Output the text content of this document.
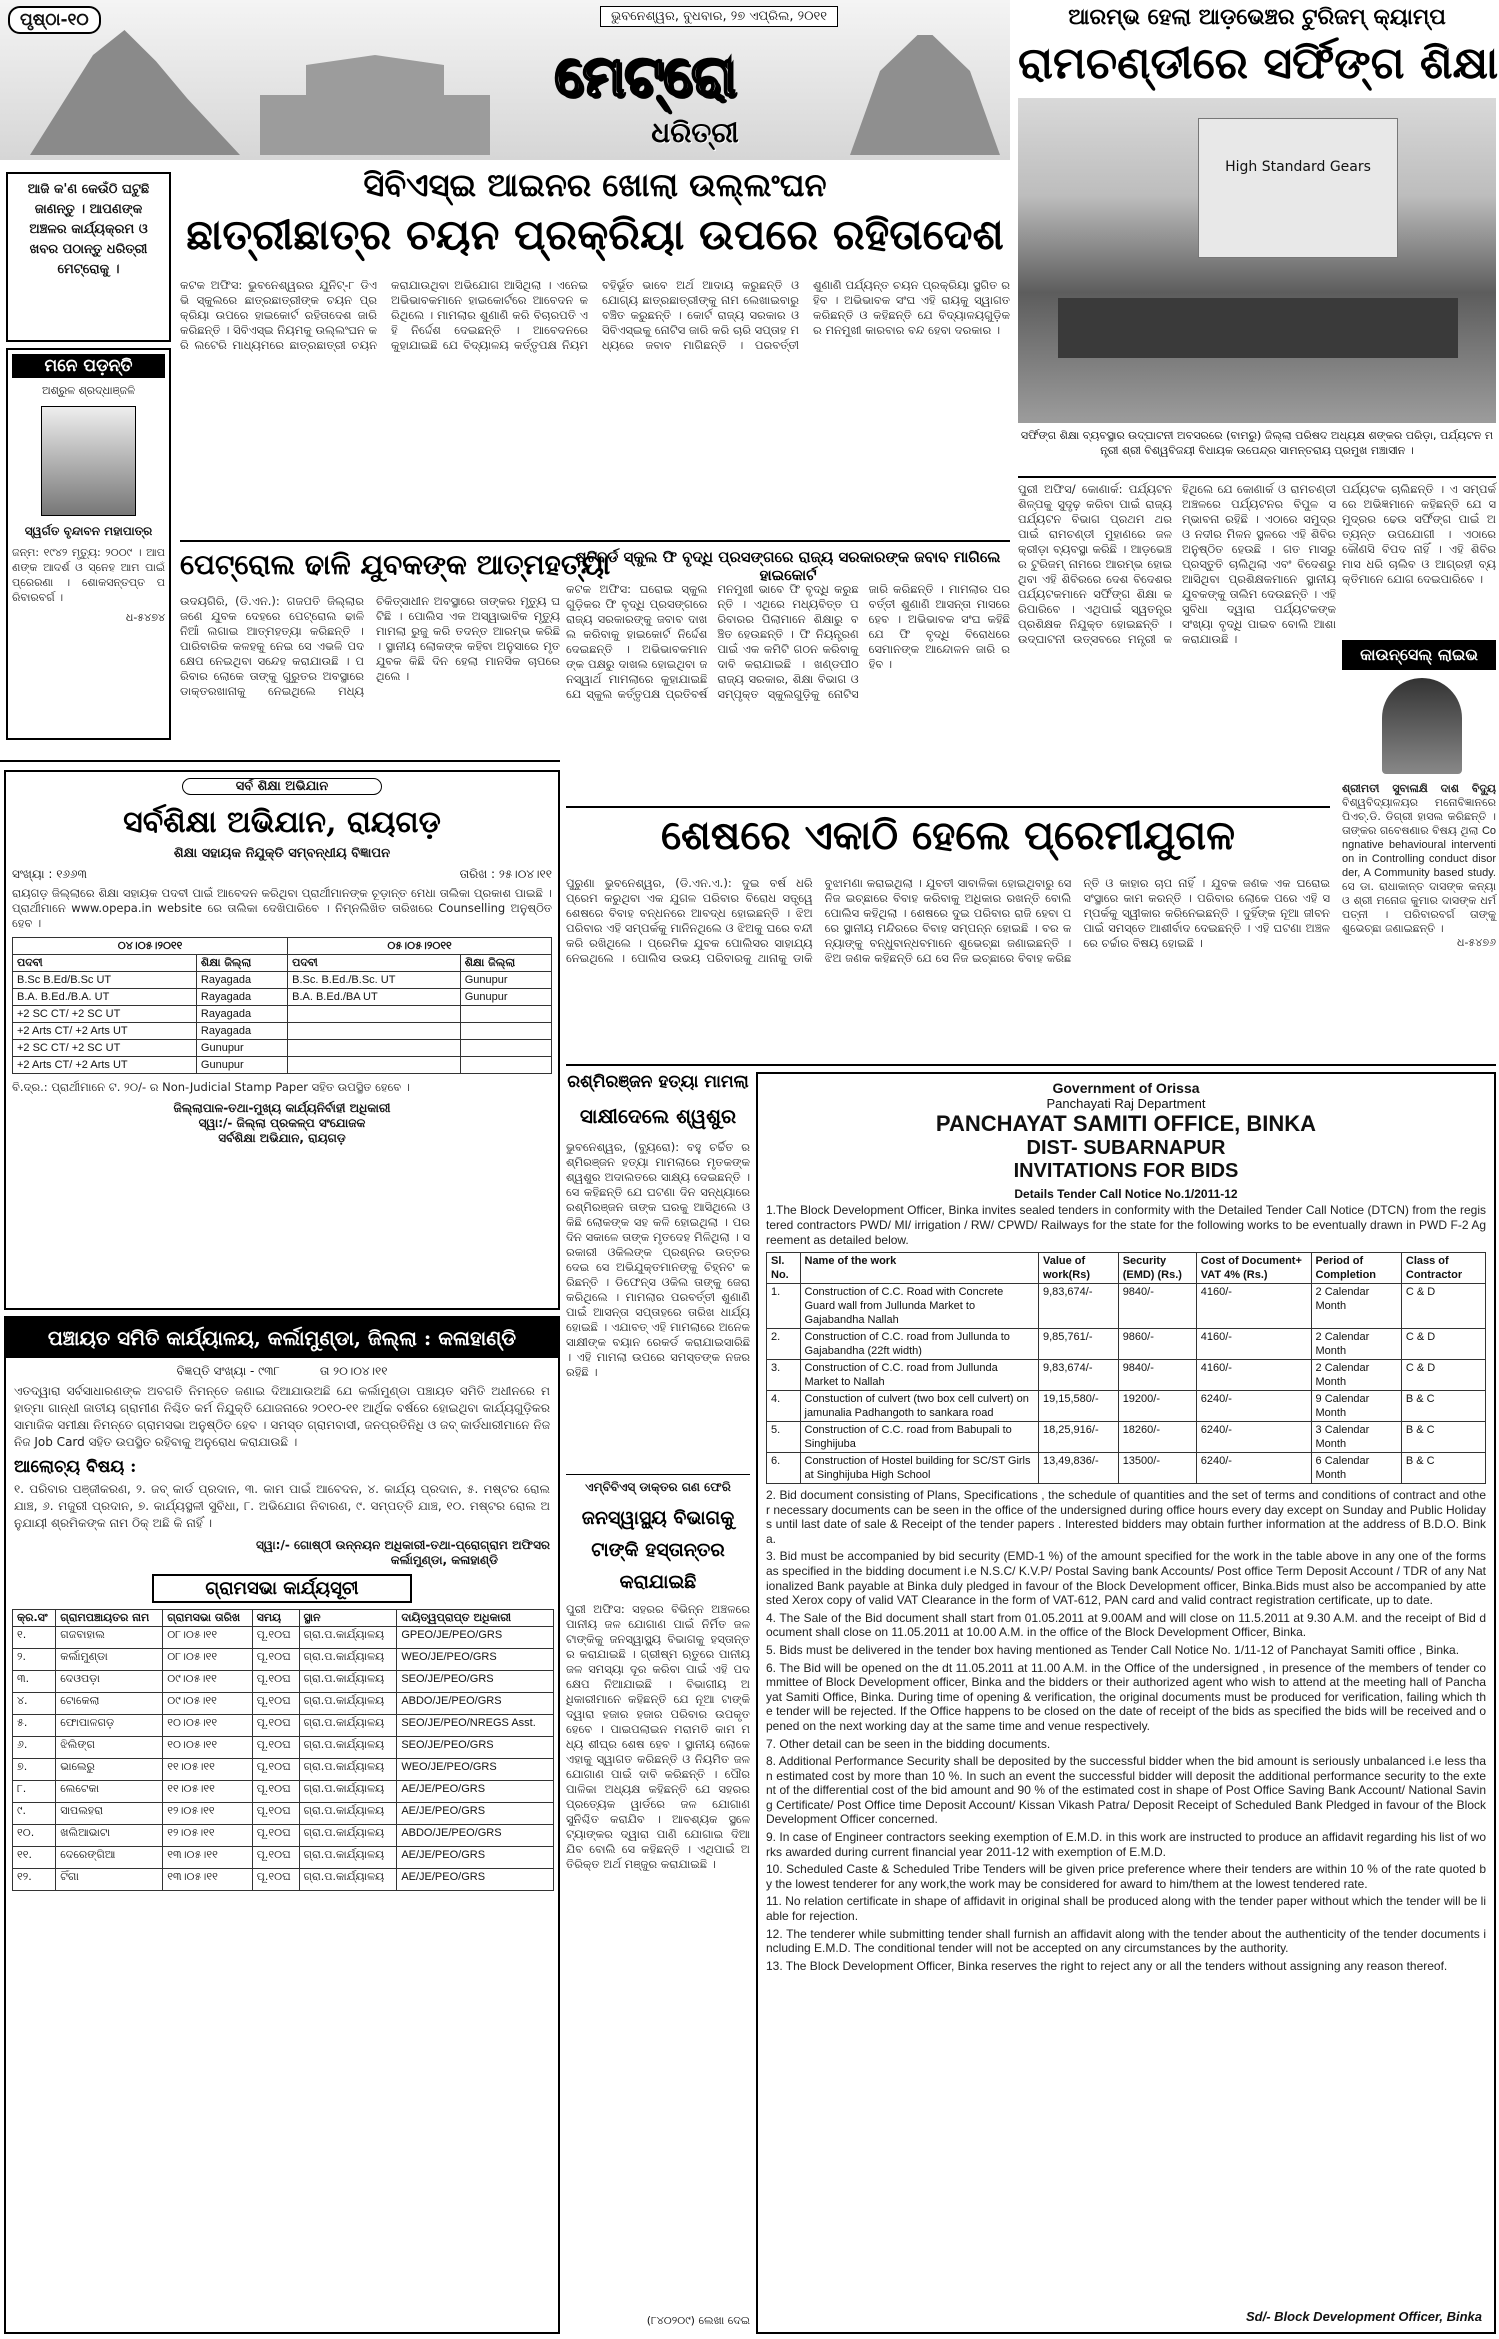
ପୃଷ୍ଠା-୧୦	ଭୁବନେଶ୍ୱର, ବୁଧବାର, ୨୭ ଏପ୍ରିଲ, ୨୦୧୧
ମେଟ୍ରୋ
ଧରିତ୍ରୀ
ଆରମ୍ଭ ହେଲା ଆଡ଼ଭେଞ୍ଚର ଟୁରିଜମ୍ କ୍ୟାମ୍ପ
ରାମଚଣ୍ଡୀରେ ସର୍ଫିଙ୍ଗ ଶିକ୍ଷା
High Standard Gears
ସର୍ଫିଙ୍ଗ ଶିକ୍ଷା ବ୍ୟବସ୍ଥାର ଉଦ୍‌ଘାଟନୀ ଅବସରରେ (ବାମରୁ) ଜିଲ୍ଲା ପରିଷଦ ଅଧ୍ୟକ୍ଷ ଶଙ୍କର ପରିଡ଼ା, ପର୍ଯ୍ୟଟନ ମନ୍ତ୍ରୀ ଶ୍ରୀ ବିଶ୍ୱବିଜୟୀ ବିଧାୟକ ଉପେନ୍ଦ୍ର ସାମନ୍ତରାୟ ପ୍ରମୁଖ ମଞ୍ଚାସୀନ ।
ପୁରୀ ଅଫିସ/ କୋଣାର୍କ: ପର୍ଯ୍ୟଟନ ଶିଳ୍ପକୁ ସୁଦୃଢ଼ କରିବା ପାଇଁ ରାଜ୍ୟ ପର୍ଯ୍ୟଟନ ବିଭାଗ ପ୍ରଥମ ଥର ପାଇଁ ରାମଚଣ୍ଡୀ ମୁହାଣରେ ଜଳକ୍ରୀଡ଼ା ବ୍ୟବସ୍ଥା କରିଛି । ଆଡ଼ଭେଞ୍ଚର ଟୁରିଜମ୍ ନାମରେ ଆରମ୍ଭ ହୋଇଥିବା ଏହି ଶିବିରରେ ଦେଶ ବିଦେଶର ପର୍ଯ୍ୟଟକମାନେ ସର୍ଫିଙ୍ଗ ଶିକ୍ଷା କରିପାରିବେ । ଏଥିପାଇଁ ସ୍ୱତନ୍ତ୍ର ପ୍ରଶିକ୍ଷକ ନିଯୁକ୍ତ ହୋଇଛନ୍ତି । ଉଦ୍‌ଘାଟନୀ ଉତ୍ସବରେ ମନ୍ତ୍ରୀ କହିଥିଲେ ଯେ କୋଣାର୍କ ଓ ରାମଚଣ୍ଡୀ ଅଞ୍ଚଳରେ ପର୍ଯ୍ୟଟନର ବିପୁଳ ସମ୍ଭାବନା ରହିଛି । ଏଠାରେ ସମୁଦ୍ର ଓ ନଦୀର ମିଳନ ସ୍ଥଳରେ ଏହି ଶିବିର ଅନୁଷ୍ଠିତ ହେଉଛି । ଗତ ମାସରୁ ପ୍ରସ୍ତୁତି ଚାଲିଥିଲା ଏବଂ ବିଦେଶରୁ ଆସିଥିବା ପ୍ରଶିକ୍ଷକମାନେ ସ୍ଥାନୀୟ ଯୁବକଙ୍କୁ ତାଲିମ ଦେଉଛନ୍ତି । ଏହି ସୁବିଧା ଦ୍ୱାରା ପର୍ଯ୍ୟଟକଙ୍କ ସଂଖ୍ୟା ବୃଦ୍ଧି ପାଇବ ବୋଲି ଆଶା କରାଯାଉଛି ।
ପର୍ଯ୍ୟଟକ ଚାଲିଛନ୍ତି । ଏ ସମ୍ପର୍କରେ ଅଭିଜ୍ଞମାନେ କହିଛନ୍ତି ଯେ ସମୁଦ୍ରର ଢେଉ ସର୍ଫିଙ୍ଗ ପାଇଁ ଅତ୍ୟନ୍ତ ଉପଯୋଗୀ । ଏଠାରେ କୌଣସି ବିପଦ ନାହିଁ । ଏହି ଶିବିର ମାସ ଧରି ଚାଲିବ ଓ ଆଗ୍ରହୀ ବ୍ୟକ୍ତିମାନେ ଯୋଗ ଦେଇପାରିବେ ।
କାଉନ୍ସେଲ୍ ଲାଇଭ
ଶ୍ରୀମତୀ ସୁବାଳାକ୍ଷି ଦାଶ ବିଦ୍ୟୁ ବିଶ୍ୱବିଦ୍ୟାଳୟର ମନୋବିଜ୍ଞାନରେ ପିଏଚ୍.ଡି. ଡିଗ୍ରୀ ହାସଲ କରିଛନ୍ତି । ତାଙ୍କର ଗବେଷଣାର ବିଷୟ ଥିଲା Congnative behavioural intervention in Controlling conduct disorder, A Community based study. ସେ ଡା. ରାଧାକାନ୍ତ ଦାସଙ୍କ କନ୍ୟା ଓ ଶ୍ରୀ ମନୋଜ କୁମାର ଦାସଙ୍କ ଧର୍ମପତ୍ନୀ । ପରିବାରବର୍ଗ ତାଙ୍କୁ ଶୁଭେଚ୍ଛା ଜଣାଇଛନ୍ତି ।
ଧ-୫୪୭୬
ଆଜି କ'ଣ କେଉଁଠି ଘଟୁଛି ଜାଣନ୍ତୁ । ଆପଣଙ୍କ ଅଞ୍ଚଳର କାର୍ଯ୍ୟକ୍ରମ ଓ ଖବର ପଠାନ୍ତୁ ଧରିତ୍ରୀ ମେଟ୍ରୋକୁ ।
ମନେ ପଡ଼ନ୍ତି
ଅଶ୍ରୁଳ ଶ୍ରଦ୍ଧାଞ୍ଜଳି
ସ୍ୱର୍ଗତ ବୃନ୍ଦାବନ ମହାପାତ୍ର
ଜନ୍ମ: ୧୯୪୨ ମୃତ୍ୟୁ: ୨୦୦୯ । ଆପଣଙ୍କ ଆଦର୍ଶ ଓ ସ୍ନେହ ଆମ ପାଇଁ ପ୍ରେରଣା । ଶୋକସନ୍ତପ୍ତ ପରିବାରବର୍ଗ ।
ଧ-୫୪୭୪
ସିବିଏସ୍‌ଇ ଆଇନର ଖୋଲା ଉଲ୍ଲଂଘନ
ଛାତ୍ରୀଛାତ୍ର ଚୟନ ପ୍ରକ୍ରିୟା ଉପରେ ରହିତାଦେଶ
କଟକ ଅଫିସ: ଭୁବନେଶ୍ୱରର ଯୁନିଟ୍-୮ ଡିଏଭି ସ୍କୁଲରେ ଛାତ୍ରଛାତ୍ରୀଙ୍କ ଚୟନ ପ୍ରକ୍ରିୟା ଉପରେ ହାଇକୋର୍ଟ ରହିତାଦେଶ ଜାରି କରିଛନ୍ତି । ସିବିଏସ୍‌ଇ ନିୟମକୁ ଉଲ୍ଲଂଘନ କରି ଲଟେରି ମାଧ୍ୟମରେ ଛାତ୍ରଛାତ୍ରୀ ଚୟନ କରାଯାଉଥିବା ଅଭିଯୋଗ ଆସିଥିଲା । ଏନେଇ ଅଭିଭାବକମାନେ ହାଇକୋର୍ଟରେ ଆବେଦନ କରିଥିଲେ । ମାମଲାର ଶୁଣାଣି କରି ବିଚାରପତି ଏହି ନିର୍ଦ୍ଦେଶ ଦେଇଛନ୍ତି । ଆବେଦନରେ କୁହାଯାଇଛି ଯେ ବିଦ୍ୟାଳୟ କର୍ତ୍ତୃପକ୍ଷ ନିୟମ ବହିର୍ଭୂତ ଭାବେ ଅର୍ଥ ଆଦାୟ କରୁଛନ୍ତି ଓ ଯୋଗ୍ୟ ଛାତ୍ରଛାତ୍ରୀଙ୍କୁ ନାମ ଲେଖାଇବାରୁ ବଞ୍ଚିତ କରୁଛନ୍ତି । କୋର୍ଟ ରାଜ୍ୟ ସରକାର ଓ ସିବିଏସ୍‌ଇକୁ ନୋଟିସ ଜାରି କରି ଚାରି ସପ୍ତାହ ମଧ୍ୟରେ ଜବାବ ମାଗିଛନ୍ତି । ପରବର୍ତ୍ତୀ ଶୁଣାଣି ପର୍ଯ୍ୟନ୍ତ ଚୟନ ପ୍ରକ୍ରିୟା ସ୍ଥଗିତ ରହିବ । ଅଭିଭାବକ ସଂଘ ଏହି ରାୟକୁ ସ୍ୱାଗତ କରିଛନ୍ତି ଓ କହିଛନ୍ତି ଯେ ବିଦ୍ୟାଳୟଗୁଡ଼ିକର ମନମୁଖୀ କାରବାର ବନ୍ଦ ହେବା ଦରକାର ।
ପେଟ୍ରୋଲ ଢାଳି ଯୁବକଙ୍କ ଆତ୍ମହତ୍ୟା
ଉଦୟଗିରି, (ଡି.ଏନ.): ଗଜପତି ଜିଲ୍ଲାର ଜଣେ ଯୁବକ ଦେହରେ ପେଟ୍ରୋଲ ଢାଳି ନିଆଁ ଲଗାଇ ଆତ୍ମହତ୍ୟା କରିଛନ୍ତି । ପାରିବାରିକ କଳହକୁ ନେଇ ସେ ଏଭଳି ପଦକ୍ଷେପ ନେଇଥିବା ସନ୍ଦେହ କରାଯାଉଛି । ପରିବାର ଲୋକେ ତାଙ୍କୁ ଗୁରୁତର ଅବସ୍ଥାରେ ଡାକ୍ତରଖାନାକୁ ନେଇଥିଲେ ମଧ୍ୟ ଚିକିତ୍ସାଧୀନ ଅବସ୍ଥାରେ ତାଙ୍କର ମୃତ୍ୟୁ ଘଟିଛି । ପୋଲିସ ଏକ ଅସ୍ୱାଭାବିକ ମୃତ୍ୟୁ ମାମଲା ରୁଜୁ କରି ତଦନ୍ତ ଆରମ୍ଭ କରିଛି । ସ୍ଥାନୀୟ ଲୋକଙ୍କ କହିବା ଅନୁସାରେ ମୃତ ଯୁବକ କିଛି ଦିନ ହେଲା ମାନସିକ ଚାପରେ ଥିଲେ ।
ଷ୍ଟିବର୍ଡ ସ୍କୁଲ ଫି ବୃଦ୍ଧି ପ୍ରସଙ୍ଗରେ ରାଜ୍ୟ ସରକାରଙ୍କ ଜବାବ ମାଗିଲେ ହାଇକୋର୍ଟ
କଟକ ଅଫିସ: ଘରୋଇ ସ୍କୁଲଗୁଡ଼ିକର ଫି ବୃଦ୍ଧି ପ୍ରସଙ୍ଗରେ ରାଜ୍ୟ ସରକାରଙ୍କୁ ଜବାବ ଦାଖଲ କରିବାକୁ ହାଇକୋର୍ଟ ନିର୍ଦ୍ଦେଶ ଦେଇଛନ୍ତି । ଅଭିଭାବକମାନଙ୍କ ପକ୍ଷରୁ ଦାଖଲ ହୋଇଥିବା ଜନସ୍ୱାର୍ଥ ମାମଲାରେ କୁହାଯାଇଛି ଯେ ସ୍କୁଲ କର୍ତ୍ତୃପକ୍ଷ ପ୍ରତିବର୍ଷ ମନମୁଖୀ ଭାବେ ଫି ବୃଦ୍ଧି କରୁଛନ୍ତି । ଏଥିରେ ମଧ୍ୟବିତ୍ତ ପରିବାରର ପିଲାମାନେ ଶିକ୍ଷାରୁ ବଞ୍ଚିତ ହେଉଛନ୍ତି । ଫି ନିୟନ୍ତ୍ରଣ ପାଇଁ ଏକ କମିଟି ଗଠନ କରିବାକୁ ଦାବି କରାଯାଇଛି । ଖଣ୍ଡପୀଠ ରାଜ୍ୟ ସରକାର, ଶିକ୍ଷା ବିଭାଗ ଓ ସମ୍ପୃକ୍ତ ସ୍କୁଲଗୁଡ଼ିକୁ ନୋଟିସ ଜାରି କରିଛନ୍ତି । ମାମଲାର ପରବର୍ତ୍ତୀ ଶୁଣାଣି ଆସନ୍ତା ମାସରେ ହେବ । ଅଭିଭାବକ ସଂଘ କହିଛି ଯେ ଫି ବୃଦ୍ଧି ବିରୋଧରେ ସେମାନଙ୍କ ଆନ୍ଦୋଳନ ଜାରି ରହିବ ।
ସର୍ବ ଶିକ୍ଷା ଅଭିଯାନ
ସର୍ବଶିକ୍ଷା ଅଭିଯାନ, ରାୟଗଡ଼
ଶିକ୍ଷା ସହାୟକ ନିଯୁକ୍ତି ସମ୍ବନ୍ଧୀୟ ବିଜ୍ଞାପନ
ସଂଖ୍ୟା : ୧୬୬୩	ତାରିଖ : ୨୫।୦୪।୧୧
ରାୟଗଡ଼ ଜିଲ୍ଲାରେ ଶିକ୍ଷା ସହାୟକ ପଦବୀ ପାଇଁ ଆବେଦନ କରିଥିବା ପ୍ରାର୍ଥୀମାନଙ୍କ ଚୂଡ଼ାନ୍ତ ମେଧା ତାଲିକା ପ୍ରକାଶ ପାଇଛି । ପ୍ରାର୍ଥୀମାନେ www.opepa.in website ରେ ତାଲିକା ଦେଖିପାରିବେ । ନିମ୍ନଲିଖିତ ତାରିଖରେ Counselling ଅନୁଷ୍ଠିତ ହେବ ।
୦୪।୦୫।୨୦୧୧		୦୫।୦୫।୨୦୧୧	
ପଦବୀ	ଶିକ୍ଷା ଜିଲ୍ଲା	ପଦବୀ	ଶିକ୍ଷା ଜିଲ୍ଲା
B.Sc B.Ed/B.Sc UT	Rayagada	B.Sc. B.Ed./B.Sc. UT	Gunupur
B.A. B.Ed./B.A. UT	Rayagada	B.A. B.Ed./BA UT	Gunupur
+2 SC CT/ +2 SC UT	Rayagada		
+2 Arts CT/ +2 Arts UT	Rayagada		
+2 SC CT/ +2 SC UT	Gunupur		
+2 Arts CT/ +2 Arts UT	Gunupur		
ବି.ଦ୍ର.: ପ୍ରାର୍ଥୀମାନେ ଟ. ୨୦/- ର Non-Judicial Stamp Paper ସହିତ ଉପସ୍ଥିତ ହେବେ ।
ଜିଲ୍ଲାପାଳ-ତଥା-ମୁଖ୍ୟ କାର୍ଯ୍ୟନିର୍ବାହୀ ଅଧିକାରୀ
ସ୍ୱା:/- ଜିଲ୍ଲା ପ୍ରକଳ୍ପ ସଂଯୋଜକ
ସର୍ବଶିକ୍ଷା ଅଭିଯାନ, ରାୟଗଡ଼
ପଞ୍ଚାୟତ ସମିତି କାର୍ଯ୍ୟାଳୟ, କର୍ଲାମୁଣ୍ଡା, ଜିଲ୍ଲା : କଳାହାଣ୍ଡି
ବିଜ୍ଞପ୍ତି ସଂଖ୍ୟା - ୯୩୮	ତା ୨୦।୦୪।୧୧
ଏତଦ୍ୱାରା ସର୍ବସାଧାରଣଙ୍କ ଅବଗତି ନିମନ୍ତେ ଜଣାଇ ଦିଆଯାଉଅଛି ଯେ କର୍ଲାମୁଣ୍ଡା ପଞ୍ଚାୟତ ସମିତି ଅଧୀନରେ ମହାତ୍ମା ଗାନ୍ଧୀ ଜାତୀୟ ଗ୍ରାମୀଣ ନିଶ୍ଚିତ କର୍ମ ନିଯୁକ୍ତି ଯୋଜନାରେ ୨୦୧୦-୧୧ ଆର୍ଥିକ ବର୍ଷରେ ହୋଇଥିବା କାର୍ଯ୍ୟଗୁଡ଼ିକର ସାମାଜିକ ସମୀକ୍ଷା ନିମନ୍ତେ ଗ୍ରାମସଭା ଅନୁଷ୍ଠିତ ହେବ । ସମସ୍ତ ଗ୍ରାମବାସୀ, ଜନପ୍ରତିନିଧି ଓ ଜବ୍ କାର୍ଡଧାରୀମାନେ ନିଜ ନିଜ Job Card ସହିତ ଉପସ୍ଥିତ ରହିବାକୁ ଅନୁରୋଧ କରାଯାଉଛି ।
ଆଲୋଚ୍ୟ ବିଷୟ :
୧. ପରିବାର ପଞ୍ଜୀକରଣ, ୨. ଜବ୍ କାର୍ଡ ପ୍ରଦାନ, ୩. କାମ ପାଇଁ ଆବେଦନ, ୪. କାର୍ଯ୍ୟ ପ୍ରଦାନ, ୫. ମଷ୍ଟର ରୋଲ ଯାଞ୍ଚ, ୬. ମଜୁରୀ ପ୍ରଦାନ, ୭. କାର୍ଯ୍ୟସ୍ଥଳୀ ସୁବିଧା, ୮. ଅଭିଯୋଗ ନିବାରଣ, ୯. ସମ୍ପତ୍ତି ଯାଞ୍ଚ, ୧୦. ମଷ୍ଟର ରୋଲ ଅନୁଯାୟୀ ଶ୍ରମିକଙ୍କ ନାମ ଠିକ୍ ଅଛି କି ନାହିଁ ।
ସ୍ୱା:/- ଗୋଷ୍ଠୀ ଉନ୍ନୟନ ଅଧିକାରୀ-ତଥା-ପ୍ରୋଗ୍ରାମ ଅଫିସର
କର୍ଲାମୁଣ୍ଡା, କଳାହାଣ୍ଡି
ଗ୍ରାମସଭା କାର୍ଯ୍ୟସୂଚୀ
କ୍ର.ସଂ	ଗ୍ରାମପଞ୍ଚାୟତର ନାମ	ଗ୍ରାମସଭା ତାରିଖ	ସମୟ	ସ୍ଥାନ	ଦାୟିତ୍ୱପ୍ରାପ୍ତ ଅଧିକାରୀ
୧.	ଗଜବାହାଲ	୦୮।୦୫।୧୧	ପୂ.୧୦ଘ	ଗ୍ରା.ପ.କାର୍ଯ୍ୟାଳୟ	GPEO/JE/PEO/GRS
୨.	କର୍ଲାମୁଣ୍ଡା	୦୮।୦୫।୧୧	ପୂ.୧୦ଘ	ଗ୍ରା.ପ.କାର୍ଯ୍ୟାଳୟ	WEO/JE/PEO/GRS
୩.	ଦେଓପଡ଼ା	୦୯।୦୫।୧୧	ପୂ.୧୦ଘ	ଗ୍ରା.ପ.କାର୍ଯ୍ୟାଳୟ	SEO/JE/PEO/GRS
୪.	ଟୋକେଲା	୦୯।୦୫।୧୧	ପୂ.୧୦ଘ	ଗ୍ରା.ପ.କାର୍ଯ୍ୟାଳୟ	ABDO/JE/PEO/GRS
୫.	ଫୋପାଳଗଡ଼	୧୦।୦୫।୧୧	ପୂ.୧୦ଘ	ଗ୍ରା.ପ.କାର୍ଯ୍ୟାଳୟ	SEO/JE/PEO/NREGS Asst.
୬.	ଝିଲିଙ୍ଗ	୧୦।୦୫।୧୧	ପୂ.୧୦ଘ	ଗ୍ରା.ପ.କାର୍ଯ୍ୟାଳୟ	SEO/JE/PEO/GRS
୭.	ଭାଲେରୁ	୧୧।୦୫।୧୧	ପୂ.୧୦ଘ	ଗ୍ରା.ପ.କାର୍ଯ୍ୟାଳୟ	WEO/JE/PEO/GRS
୮.	ଲେଟେକା	୧୧।୦୫।୧୧	ପୂ.୧୦ଘ	ଗ୍ରା.ପ.କାର୍ଯ୍ୟାଳୟ	AE/JE/PEO/GRS
୯.	ସାପଲହରା	୧୨।୦୫।୧୧	ପୂ.୧୦ଘ	ଗ୍ରା.ପ.କାର୍ଯ୍ୟାଳୟ	AE/JE/PEO/GRS
୧୦.	ଖଲିଆଭାଟା	୧୨।୦୫।୧୧	ପୂ.୧୦ଘ	ଗ୍ରା.ପ.କାର୍ଯ୍ୟାଳୟ	ABDO/JE/PEO/GRS
୧୧.	ଦେରେଙ୍ଗିଆ	୧୩।୦୫।୧୧	ପୂ.୧୦ଘ	ଗ୍ରା.ପ.କାର୍ଯ୍ୟାଳୟ	AE/JE/PEO/GRS
୧୨.	ଟିଁଗା	୧୩।୦୫।୧୧	ପୂ.୧୦ଘ	ଗ୍ରା.ପ.କାର୍ଯ୍ୟାଳୟ	AE/JE/PEO/GRS
ଶେଷରେ ଏକାଠି ହେଲେ ପ୍ରେମୀଯୁଗଳ
ପୁରୁଣା ଭୁବନେଶ୍ୱର, (ଡି.ଏନ.ଏ.): ଦୁଇ ବର୍ଷ ଧରି ପ୍ରେମ କରୁଥିବା ଏକ ଯୁଗଳ ପରିବାର ବିରୋଧ ସତ୍ତ୍ୱେ ଶେଷରେ ବିବାହ ବନ୍ଧନରେ ଆବଦ୍ଧ ହୋଇଛନ୍ତି । ଝିଅ ପରିବାର ଏହି ସମ୍ପର୍କକୁ ମାନିନଥିଲେ ଓ ଝିଅକୁ ଘରେ ବନ୍ଦୀ କରି ରଖିଥିଲେ । ପ୍ରେମିକ ଯୁବକ ପୋଲିସର ସାହାଯ୍ୟ ନେଇଥିଲେ । ପୋଲିସ ଉଭୟ ପରିବାରକୁ ଥାନାକୁ ଡାକି ବୁଝାମଣା କରାଇଥିଲା । ଯୁବତୀ ସାବାଳିକା ହୋଇଥିବାରୁ ସେ ନିଜ ଇଚ୍ଛାରେ ବିବାହ କରିବାକୁ ଅଧିକାର ରଖନ୍ତି ବୋଲି ପୋଲିସ କହିଥିଲା । ଶେଷରେ ଦୁଇ ପରିବାର ରାଜି ହେବା ପରେ ସ୍ଥାନୀୟ ମନ୍ଦିରରେ ବିବାହ ସମ୍ପନ୍ନ ହୋଇଛି । ବର କନ୍ୟାଙ୍କୁ ବନ୍ଧୁବାନ୍ଧବମାନେ ଶୁଭେଚ୍ଛା ଜଣାଇଛନ୍ତି । ଝିଅ ଜଣକ କହିଛନ୍ତି ଯେ ସେ ନିଜ ଇଚ୍ଛାରେ ବିବାହ କରିଛନ୍ତି ଓ କାହାର ଚାପ ନାହିଁ । ଯୁବକ ଜଣକ ଏକ ଘରୋଇ ସଂସ୍ଥାରେ କାମ କରନ୍ତି । ପରିବାର ଲୋକେ ପରେ ଏହି ସମ୍ପର୍କକୁ ସ୍ୱୀକାର କରିନେଇଛନ୍ତି । ଦୁହିଁଙ୍କ ନୂଆ ଜୀବନ ପାଇଁ ସମସ୍ତେ ଆଶୀର୍ବାଦ ଦେଇଛନ୍ତି । ଏହି ଘଟଣା ଅଞ୍ଚଳରେ ଚର୍ଚ୍ଚାର ବିଷୟ ହୋଇଛି ।
ରଶ୍ମିରଞ୍ଜନ ହତ୍ୟା ମାମଲା
ସାକ୍ଷୀଦେଲେ ଶ୍ୱଶୁର
ଭୁବନେଶ୍ୱର, (ବ୍ୟୁରୋ): ବହୁ ଚର୍ଚ୍ଚିତ ରଶ୍ମିରଞ୍ଜନ ହତ୍ୟା ମାମଲାରେ ମୃତକଙ୍କ ଶ୍ୱଶୁର ଅଦାଲତରେ ସାକ୍ଷ୍ୟ ଦେଇଛନ୍ତି । ସେ କହିଛନ୍ତି ଯେ ଘଟଣା ଦିନ ସନ୍ଧ୍ୟାରେ ରଶ୍ମିରଞ୍ଜନ ତାଙ୍କ ଘରକୁ ଆସିଥିଲେ ଓ କିଛି ଲୋକଙ୍କ ସହ କଳି ହୋଇଥିଲା । ପରଦିନ ସକାଳେ ତାଙ୍କ ମୃତଦେହ ମିଳିଥିଲା । ସରକାରୀ ଓକିଲଙ୍କ ପ୍ରଶ୍ନର ଉତ୍ତର ଦେଇ ସେ ଅଭିଯୁକ୍ତମାନଙ୍କୁ ଚିହ୍ନଟ କରିଛନ୍ତି । ଡିଫେନ୍ସ ଓକିଲ ତାଙ୍କୁ ଜେରା କରିଥିଲେ । ମାମଲାର ପରବର୍ତ୍ତୀ ଶୁଣାଣି ପାଇଁ ଆସନ୍ତା ସପ୍ତାହରେ ତାରିଖ ଧାର୍ଯ୍ୟ ହୋଇଛି । ଏଯାବତ୍ ଏହି ମାମଲାରେ ଅନେକ ସାକ୍ଷୀଙ୍କ ବୟାନ ରେକର୍ଡ କରାଯାଇସାରିଛି । ଏହି ମାମଲା ଉପରେ ସମସ୍ତଙ୍କ ନଜର ରହିଛି ।
ଏମ୍‌ବିବିଏସ୍ ଡାକ୍ତର ଗଣ ଫେରି
ଜନସ୍ୱାସ୍ଥ୍ୟ ବିଭାଗକୁ ଟାଙ୍କି ହସ୍ତାନ୍ତର କରାଯାଇଛି
ପୁରୀ ଅଫିସ: ସହରର ବିଭିନ୍ନ ଅଞ୍ଚଳରେ ପାନୀୟ ଜଳ ଯୋଗାଣ ପାଇଁ ନିର୍ମିତ ଜଳ ଟାଙ୍କିକୁ ଜନସ୍ୱାସ୍ଥ୍ୟ ବିଭାଗକୁ ହସ୍ତାନ୍ତର କରାଯାଇଛି । ଗ୍ରୀଷ୍ମ ଋତୁରେ ପାନୀୟ ଜଳ ସମସ୍ୟା ଦୂର କରିବା ପାଇଁ ଏହି ପଦକ୍ଷେପ ନିଆଯାଇଛି । ବିଭାଗୀୟ ଅଧିକାରୀମାନେ କହିଛନ୍ତି ଯେ ନୂଆ ଟାଙ୍କି ଦ୍ୱାରା ହଜାର ହଜାର ପରିବାର ଉପକୃତ ହେବେ । ପାଇପଲାଇନ ମରାମତି କାମ ମଧ୍ୟ ଶୀଘ୍ର ଶେଷ ହେବ । ସ୍ଥାନୀୟ ଲୋକେ ଏହାକୁ ସ୍ୱାଗତ କରିଛନ୍ତି ଓ ନିୟମିତ ଜଳ ଯୋଗାଣ ପାଇଁ ଦାବି କରିଛନ୍ତି । ପୌରପାଳିକା ଅଧ୍ୟକ୍ଷ କହିଛନ୍ତି ଯେ ସହରର ପ୍ରତ୍ୟେକ ୱାର୍ଡରେ ଜଳ ଯୋଗାଣ ସୁନିଶ୍ଚିତ କରାଯିବ । ଆବଶ୍ୟକ ସ୍ଥଳେ ଟ୍ୟାଙ୍କର ଦ୍ୱାରା ପାଣି ଯୋଗାଇ ଦିଆଯିବ ବୋଲି ସେ କହିଛନ୍ତି । ଏଥିପାଇଁ ଅତିରିକ୍ତ ଅର୍ଥ ମଞ୍ଜୁର କରାଯାଇଛି ।
(୮୪୦୨୦୯) ଲେଖା ଦେଇ
Government of Orissa
Panchayati Raj Department
PANCHAYAT SAMITI OFFICE, BINKA
DIST- SUBARNAPUR
INVITATIONS FOR BIDS
Details Tender Call Notice No.1/2011-12
1.The Block Development Officer, Binka invites sealed tenders in conformity with the Detailed Tender Call Notice (DTCN) from the registered contractors PWD/ MI/ irrigation / RW/ CPWD/ Railways for the state for the following works to be eventually drawn in PWD F-2 Agreement as detailed below.
Sl. No.	Name of the work	Value of work(Rs)	Security (EMD) (Rs.)	Cost of Document+ VAT 4% (Rs.)	Period of Completion	Class of Contractor
1.	Construction of C.C. Road with Concrete Guard wall from Jullunda Market to Gajabandha Nallah	9,83,674/-	9840/-	4160/-	2 Calendar Month	C & D
2.	Construction of C.C. road from Jullunda to Gajabandha (22ft width)	9,85,761/-	9860/-	4160/-	2 Calendar Month	C & D
3.	Construction of C.C. road from Jullunda Market to Nallah	9,83,674/-	9840/-	4160/-	2 Calendar Month	C & D
4.	Constuction of culvert (two box cell culvert) on jamunalia Padhangoth to sankara road	19,15,580/-	19200/-	6240/-	9 Calendar Month	B & C
5.	Construction of C.C. road from Babupali to Singhijuba	18,25,916/-	18260/-	6240/-	3 Calendar Month	B & C
6.	Construction of Hostel building for SC/ST Girls at Singhijuba High School	13,49,836/-	13500/-	6240/-	6 Calendar Month	B & C

2. Bid document consisting of Plans, Specifications , the schedule of quantities and the set of terms and conditions of contract and other necessary documents can be seen in the office of the undersigned during office hours every day except on Sunday and Public Holidays until last date of sale & Receipt of the tender papers . Interested bidders may obtain further information at the address of B.D.O. Binka.

3. Bid must be accompanied by bid security (EMD-1 %) of the amount specified for the work in the table above in any one of the forms as specified in the bidding document i.e N.S.C/ K.V.P/ Postal Saving bank Accounts/ Post office Term Deposit Account / TDR of any Nationalized Bank payable at Binka duly pledged in favour of the Block Development officer, Binka.Bids must also be accompanied by attested Xerox copy of valid VAT Clearance in the form of VAT-612, PAN card and valid contract registration certificate, up to date.

4. The Sale of the Bid document shall start from 01.05.2011 at 9.00AM and will close on 11.5.2011 at 9.30 A.M. and the receipt of Bid document shall close on 11.05.2011 at 10.00 A.M. in the office of the Block Development Officer, Binka.

5. Bids must be delivered in the tender box having mentioned as Tender Call Notice No. 1/11-12 of Panchayat Samiti office , Binka.

6. The Bid will be opened on the dt 11.05.2011 at 11.00 A.M. in the Office of the undersigned , in presence of the members of tender committee of Block Development officer, Binka and the bidders or their authorized agent who wish to attend at the meeting hall of Panchayat Samiti Office, Binka. During time of opening & verification, the original documents must be produced for verification, failing which the tender will be rejected. If the Office happens to be closed on the date of receipt of the bids as specified the bids will be received and opened on the next working day at the same time and venue respectively.

7. Other detail can be seen in the bidding documents.

8. Additional Performance Security shall be deposited by the successful bidder when the bid amount is seriously unbalanced i.e less than estimated cost by more than 10 %. In such an event the successful bidder will deposit the additional performance security to the extent of the differential cost of the bid amount and 90 % of the estimated cost in shape of Post Office Saving Bank Account/ National Saving Certificate/ Post Office time Deposit Account/ Kissan Vikash Patra/ Deposit Receipt of Scheduled Bank Pledged in favour of the Block Development Officer concerned.

9. In case of Engineer contractors seeking exemption of E.M.D. in this work are instructed to produce an affidavit regarding his list of works awarded during current financial year 2011-12 with exemption of E.M.D.

10. Scheduled Caste & Scheduled Tribe Tenders will be given price preference where their tenders are within 10 % of the rate quoted by the lowest tenderer for any work,the work may be considered for award to him/them at the lowest tendered rate.

11. No relation certificate in shape of affidavit in original shall be produced along with the tender paper without which the tender will be liable for rejection.

12. The tenderer while submitting tender shall furnish an affidavit along with the tender about the authenticity of the tender documents including E.M.D. The conditional tender will not be accepted on any circumstances by the authority.

13. The Block Development Officer, Binka reserves the right to reject any or all the tenders without assigning any reason thereof.

Sd/- Block Development Officer, Binka
